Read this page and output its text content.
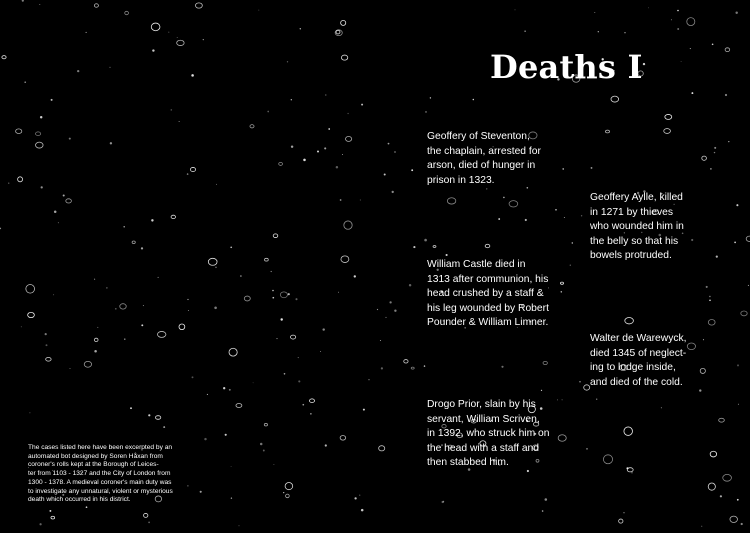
Deaths I

Geoffery of Steventon,
the chaplain, arrested for
arson, died of hunger in
prison in 1323.

Geoffery Aylle, killed
in 1271 by thieves
who wounded him in
the belly so that his
bowels protruded.

William Castle died in
1313 after communion, his
head crushed by a staff &
his leg wounded by Robert
Pounder & William Limner.

Walter de Warewyck,
died 1345 of neglect-
ing to lodge inside,
and died of the cold.

Drogo Prior, slain by his
servant, William Scriven,
in 1392, who struck him on
the head with a staff and
then stabbed him.

The cases listed here have been excerpted by an
automated bot designed by Soren Håxan from
coroner's rolls kept at the Borough of Leices-
ter from 1103 - 1327 and the City of London from
1300 - 1378. A medieval coroner's main duty was
to investigate any unnatural, violent or mysterious
death which occurred in his district.
